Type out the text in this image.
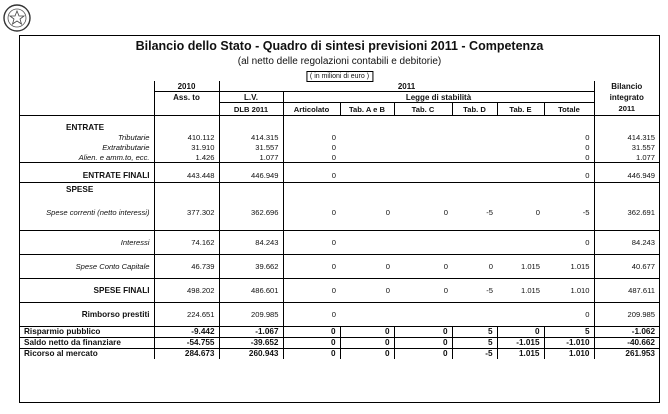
Bilancio dello Stato - Quadro di sintesi previsioni 2011 - Competenza
(al netto delle regolazioni contabili e debitorie)
( in milioni di euro )
	2010	2011							Bilancio
	Ass. to	L.V.	Legge di stabilità						integrato
		DLB 2011	Articolato	Tab. A e B	Tab. C	Tab. D	Tab. E	Totale	2011

ENTRATE									
Tributarie	410.112	414.315	0					0	414.315
Extratributarie	31.910	31.557	0					0	31.557
Alien. e amm.to, ecc.	1.426	1.077	0					0	1.077
ENTRATE FINALI	443.448	446.949	0					0	446.949
SPESE									
Spese correnti (netto interessi)	377.302	362.696	0	0	0	-5	0	-5	362.691
Interessi	74.162	84.243	0					0	84.243
Spese Conto Capitale	46.739	39.662	0	0	0	0	1.015	1.015	40.677
SPESE FINALI	498.202	486.601	0	0	0	-5	1.015	1.010	487.611
Rimborso prestiti	224.651	209.985	0					0	209.985
Risparmio pubblico	-9.442	-1.067	0	0	0	5	0	5	-1.062
Saldo netto da finanziare	-54.755	-39.652	0	0	0	5	-1.015	-1.010	-40.662
Ricorso al mercato	284.673	260.943	0	0	0	-5	1.015	1.010	261.953
